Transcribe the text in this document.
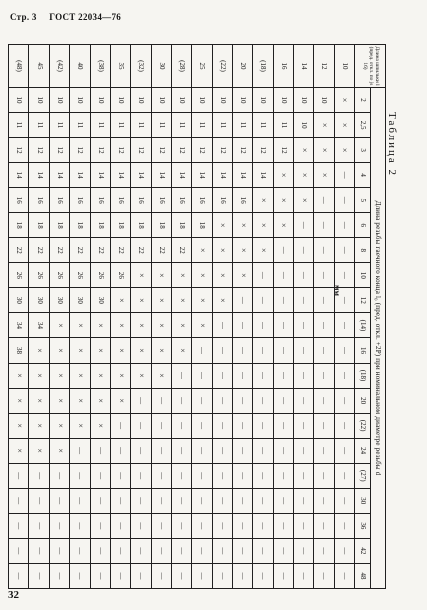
Стр. 3 ГОСТ 22034—76
Таблица 2
мм
Длина шпильки l (пред. откл. по js 16)	Длина резьбы гаечного конца l₀ (пред. откл. +2P) при номинальном диаметре резьбы d																			
	2	2,5	3	4	5	6	8	10	12	(14)	16	(18)	20	(22)	24	(27)	30	36	42	48
10	×	×	×	—	—	—	—	—	—	—	—	—	—	—	—	—	—	—	—	—
12	10	×	×	×	—	—	—	—	—	—	—	—	—	—	—	—	—	—	—	—
14	10	10	×	×	×	—	—	—	—	—	—	—	—	—	—	—	—	—	—	—
16	10	11	12	×	×	×	—	—	—	—	—	—	—	—	—	—	—	—	—	—
(18)	10	11	12	14	×	×	×	—	—	—	—	—	—	—	—	—	—	—	—	—
20	10	11	12	14	16	×	×	×	—	—	—	—	—	—	—	—	—	—	—	—
(22)	10	11	12	14	16	×	×	×	×	—	—	—	—	—	—	—	—	—	—	—
25	10	11	12	14	16	18	×	×	×	×	—	—	—	—	—	—	—	—	—	—
(28)	10	11	12	14	16	18	22	×	×	×	×	—	—	—	—	—	—	—	—	—
30	10	11	12	14	16	18	22	×	×	×	×	×	—	—	—	—	—	—	—	—
(32)	10	11	12	14	16	18	22	×	×	×	×	×	—	—	—	—	—	—	—	—
35	10	11	12	14	16	18	22	26	×	×	×	×	×	—	—	—	—	—	—	—
(38)	10	11	12	14	16	18	22	26	30	×	×	×	×	×	—	—	—	—	—	—
40	10	11	12	14	16	18	22	26	30	×	×	×	×	×	—	—	—	—	—	—
(42)	10	11	12	14	16	18	22	26	30	×	×	×	×	×	×	—	—	—	—	—
45	10	11	12	14	16	18	22	26	30	34	×	×	×	×	×	—	—	—	—	—
(48)	10	11	12	14	16	18	22	26	30	34	38	×	×	×	×	—	—	—	—	—
32
